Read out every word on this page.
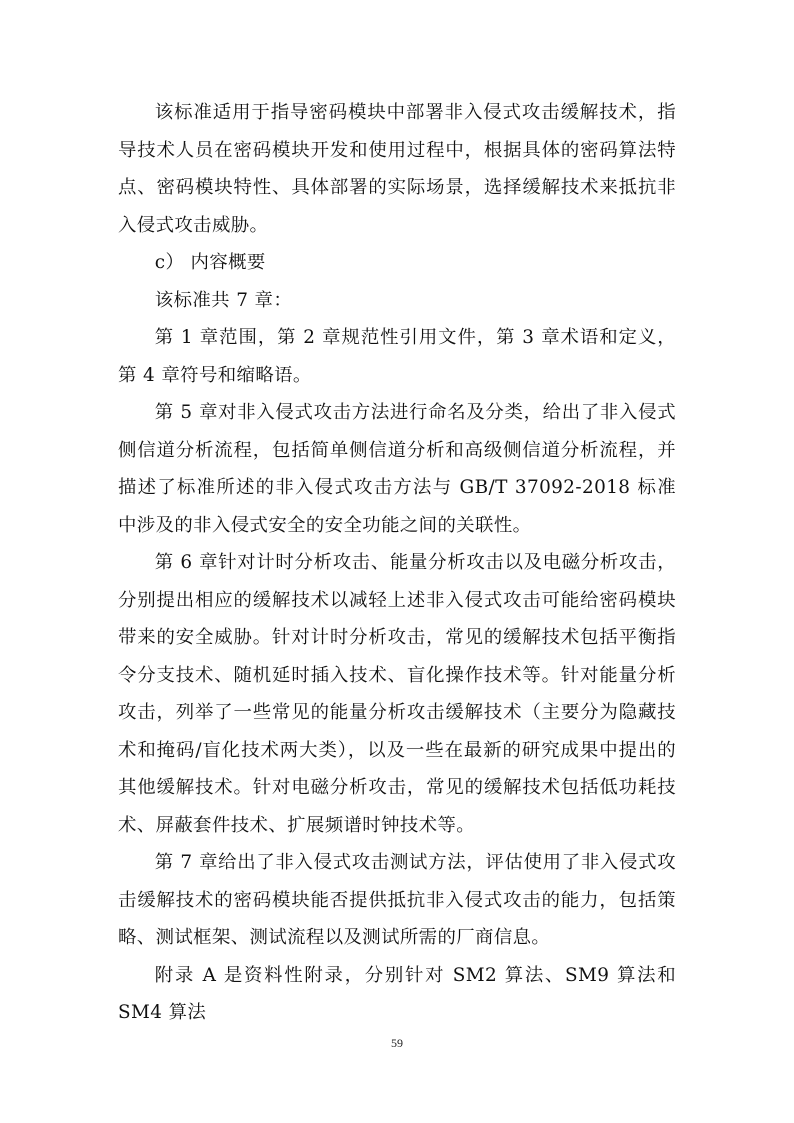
该标准适用于指导密码模块中部署非入侵式攻击缓解技术，指导技术人员在密码模块开发和使用过程中，根据具体的密码算法特点、密码模块特性、具体部署的实际场景，选择缓解技术来抵抗非入侵式攻击威胁。

c） 内容概要

该标准共 7 章：

第 1 章范围，第 2 章规范性引用文件，第 3 章术语和定义，第 4 章符号和缩略语。

第 5 章对非入侵式攻击方法进行命名及分类，给出了非入侵式侧信道分析流程，包括简单侧信道分析和高级侧信道分析流程，并描述了标准所述的非入侵式攻击方法与 GB/T 37092-2018 标准中涉及的非入侵式安全的安全功能之间的关联性。

第 6 章针对计时分析攻击、能量分析攻击以及电磁分析攻击，分别提出相应的缓解技术以减轻上述非入侵式攻击可能给密码模块带来的安全威胁。针对计时分析攻击，常见的缓解技术包括平衡指令分支技术、随机延时插入技术、盲化操作技术等。针对能量分析攻击，列举了一些常见的能量分析攻击缓解技术（主要分为隐藏技术和掩码/盲化技术两大类），以及一些在最新的研究成果中提出的其他缓解技术。针对电磁分析攻击，常见的缓解技术包括低功耗技术、屏蔽套件技术、扩展频谱时钟技术等。

第 7 章给出了非入侵式攻击测试方法，评估使用了非入侵式攻击缓解技术的密码模块能否提供抵抗非入侵式攻击的能力，包括策略、测试框架、测试流程以及测试所需的厂商信息。

附录 A 是资料性附录，分别针对 SM2 算法、SM9 算法和 SM4 算法

59
